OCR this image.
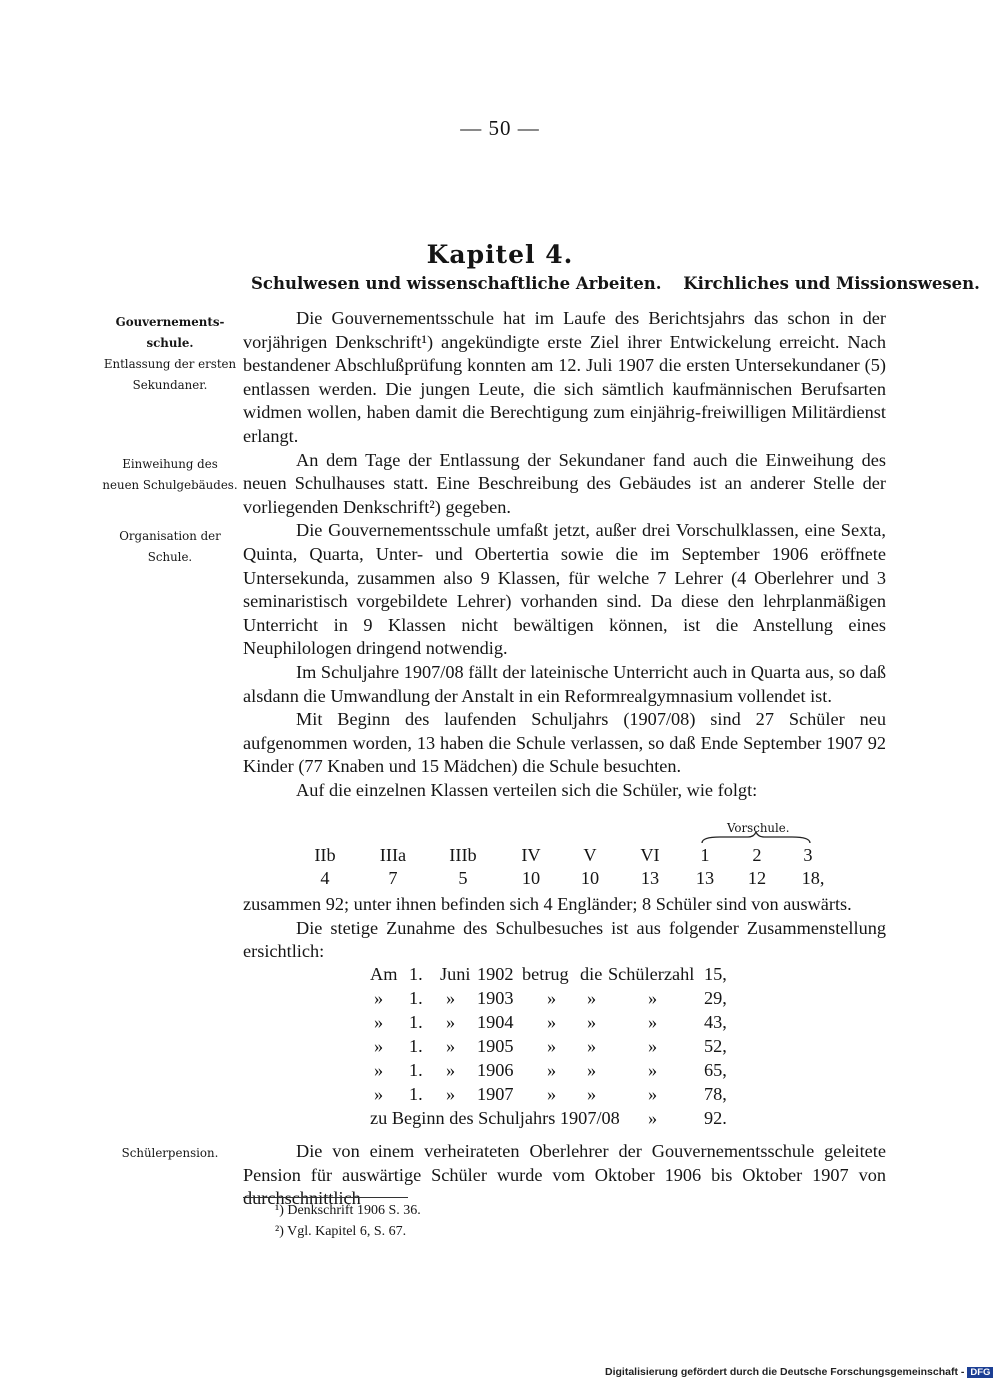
— 50 —
Kapitel 4.
Schulwesen und wissenschaftliche Arbeiten. Kirchliches und Missionswesen.
Gouvernements-
schule.
Entlassung der ersten
Sekundaner.
Einweihung des
neuen Schulgebäudes.
Organisation der
Schule.
Schülerpension.

Die Gouvernementsschule hat im Laufe des Berichtsjahrs das schon in der vorjährigen Denkschrift¹) angekündigte erste Ziel ihrer Entwickelung erreicht. Nach bestandener Abschlußprüfung konnten am 12. Juli 1907 die ersten Untersekundaner (5) entlassen werden. Die jungen Leute, die sich sämtlich kaufmännischen Berufsarten widmen wollen, haben damit die Berechtigung zum einjährig-freiwilligen Militärdienst erlangt.

An dem Tage der Entlassung der Sekundaner fand auch die Einweihung des neuen Schulhauses statt. Eine Beschreibung des Gebäudes ist an anderer Stelle der vorliegenden Denkschrift²) gegeben.

Die Gouvernementsschule umfaßt jetzt, außer drei Vorschulklassen, eine Sexta, Quinta, Quarta, Unter- und Obertertia sowie die im September 1906 eröffnete Untersekunda, zusammen also 9 Klassen, für welche 7 Lehrer (4 Oberlehrer und 3 seminaristisch vorgebildete Lehrer) vorhanden sind. Da diese den lehrplanmäßigen Unterricht in 9 Klassen nicht bewältigen können, ist die Anstellung eines Neuphilologen dringend notwendig.

Im Schuljahre 1907/08 fällt der lateinische Unterricht auch in Quarta aus, so daß alsdann die Umwandlung der Anstalt in ein Reformrealgymnasium vollendet ist.

Mit Beginn des laufenden Schuljahrs (1907/08) sind 27 Schüler neu aufgenommen worden, 13 haben die Schule verlassen, so daß Ende September 1907 92 Kinder (77 Knaben und 15 Mädchen) die Schule besuchten.

Auf die einzelnen Klassen verteilen sich die Schüler, wie folgt:

Vorschule.
IIb	IIIa	IIIb	IV	V	VI	1	2	3
4	7	5	10	10	13	13	12	18,

zusammen 92; unter ihnen befinden sich 4 Engländer; 8 Schüler sind von auswärts.

Die stetige Zunahme des Schulbesuches ist aus folgender Zusammenstellung ersichtlich:

Am 1. Juni 1902 betrug die Schülerzahl 15,
» 1. » 1903 » »	»	29,
» 1. » 1904 » »	»	43,
» 1. » 1905 » »	»	52,
» 1. » 1906 » »	»	65,
» 1. » 1907 » »	»	78,
zu Beginn des Schuljahrs 1907/08 »	92.

Die von einem verheirateten Oberlehrer der Gouvernementsschule geleitete Pension für auswärtige Schüler wurde vom Oktober 1906 bis Oktober 1907 von durchschnittlich

¹) Denkschrift 1906 S. 36.
²) Vgl. Kapitel 6, S. 67.
Digitalisierung gefördert durch die Deutsche Forschungsgemeinschaft - DFG
